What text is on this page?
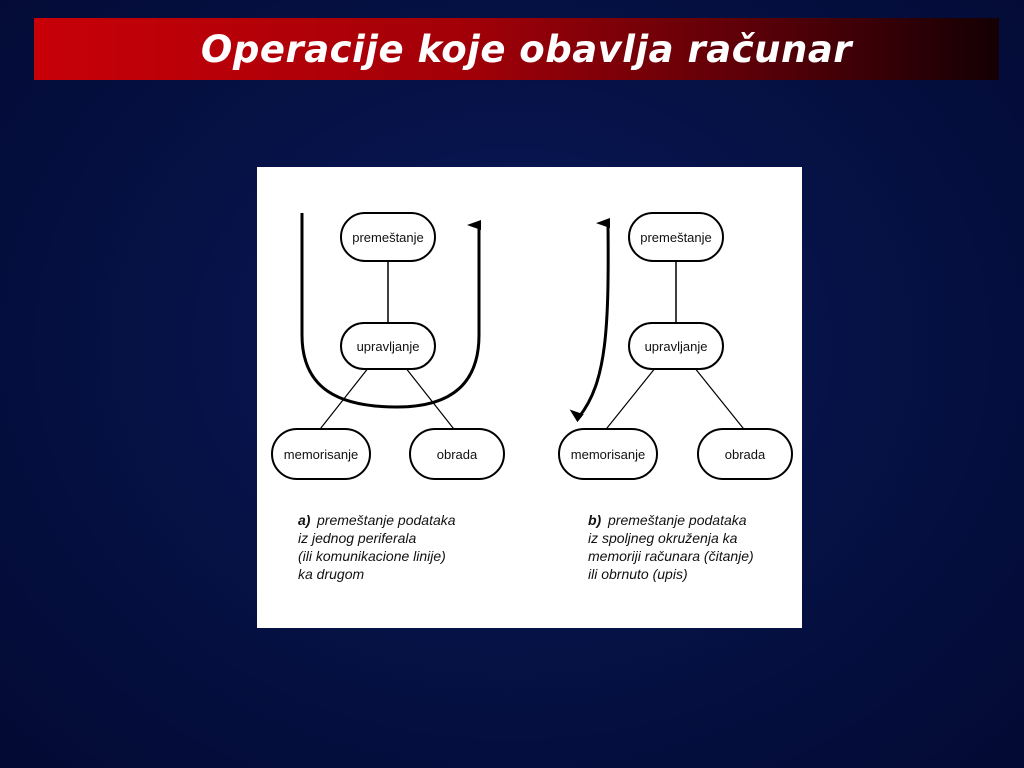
Operacije koje obavlja računar
premeštanje
upravljanje
memorisanje	obrada
a) premeštanje podataka
iz jednog periferala
(ili komunikacione linije)
ka drugom
premeštanje
upravljanje
memorisanje	obrada
b) premeštanje podataka
iz spoljneg okruženja ka
memoriji računara (čitanje)
ili obrnuto (upis)
